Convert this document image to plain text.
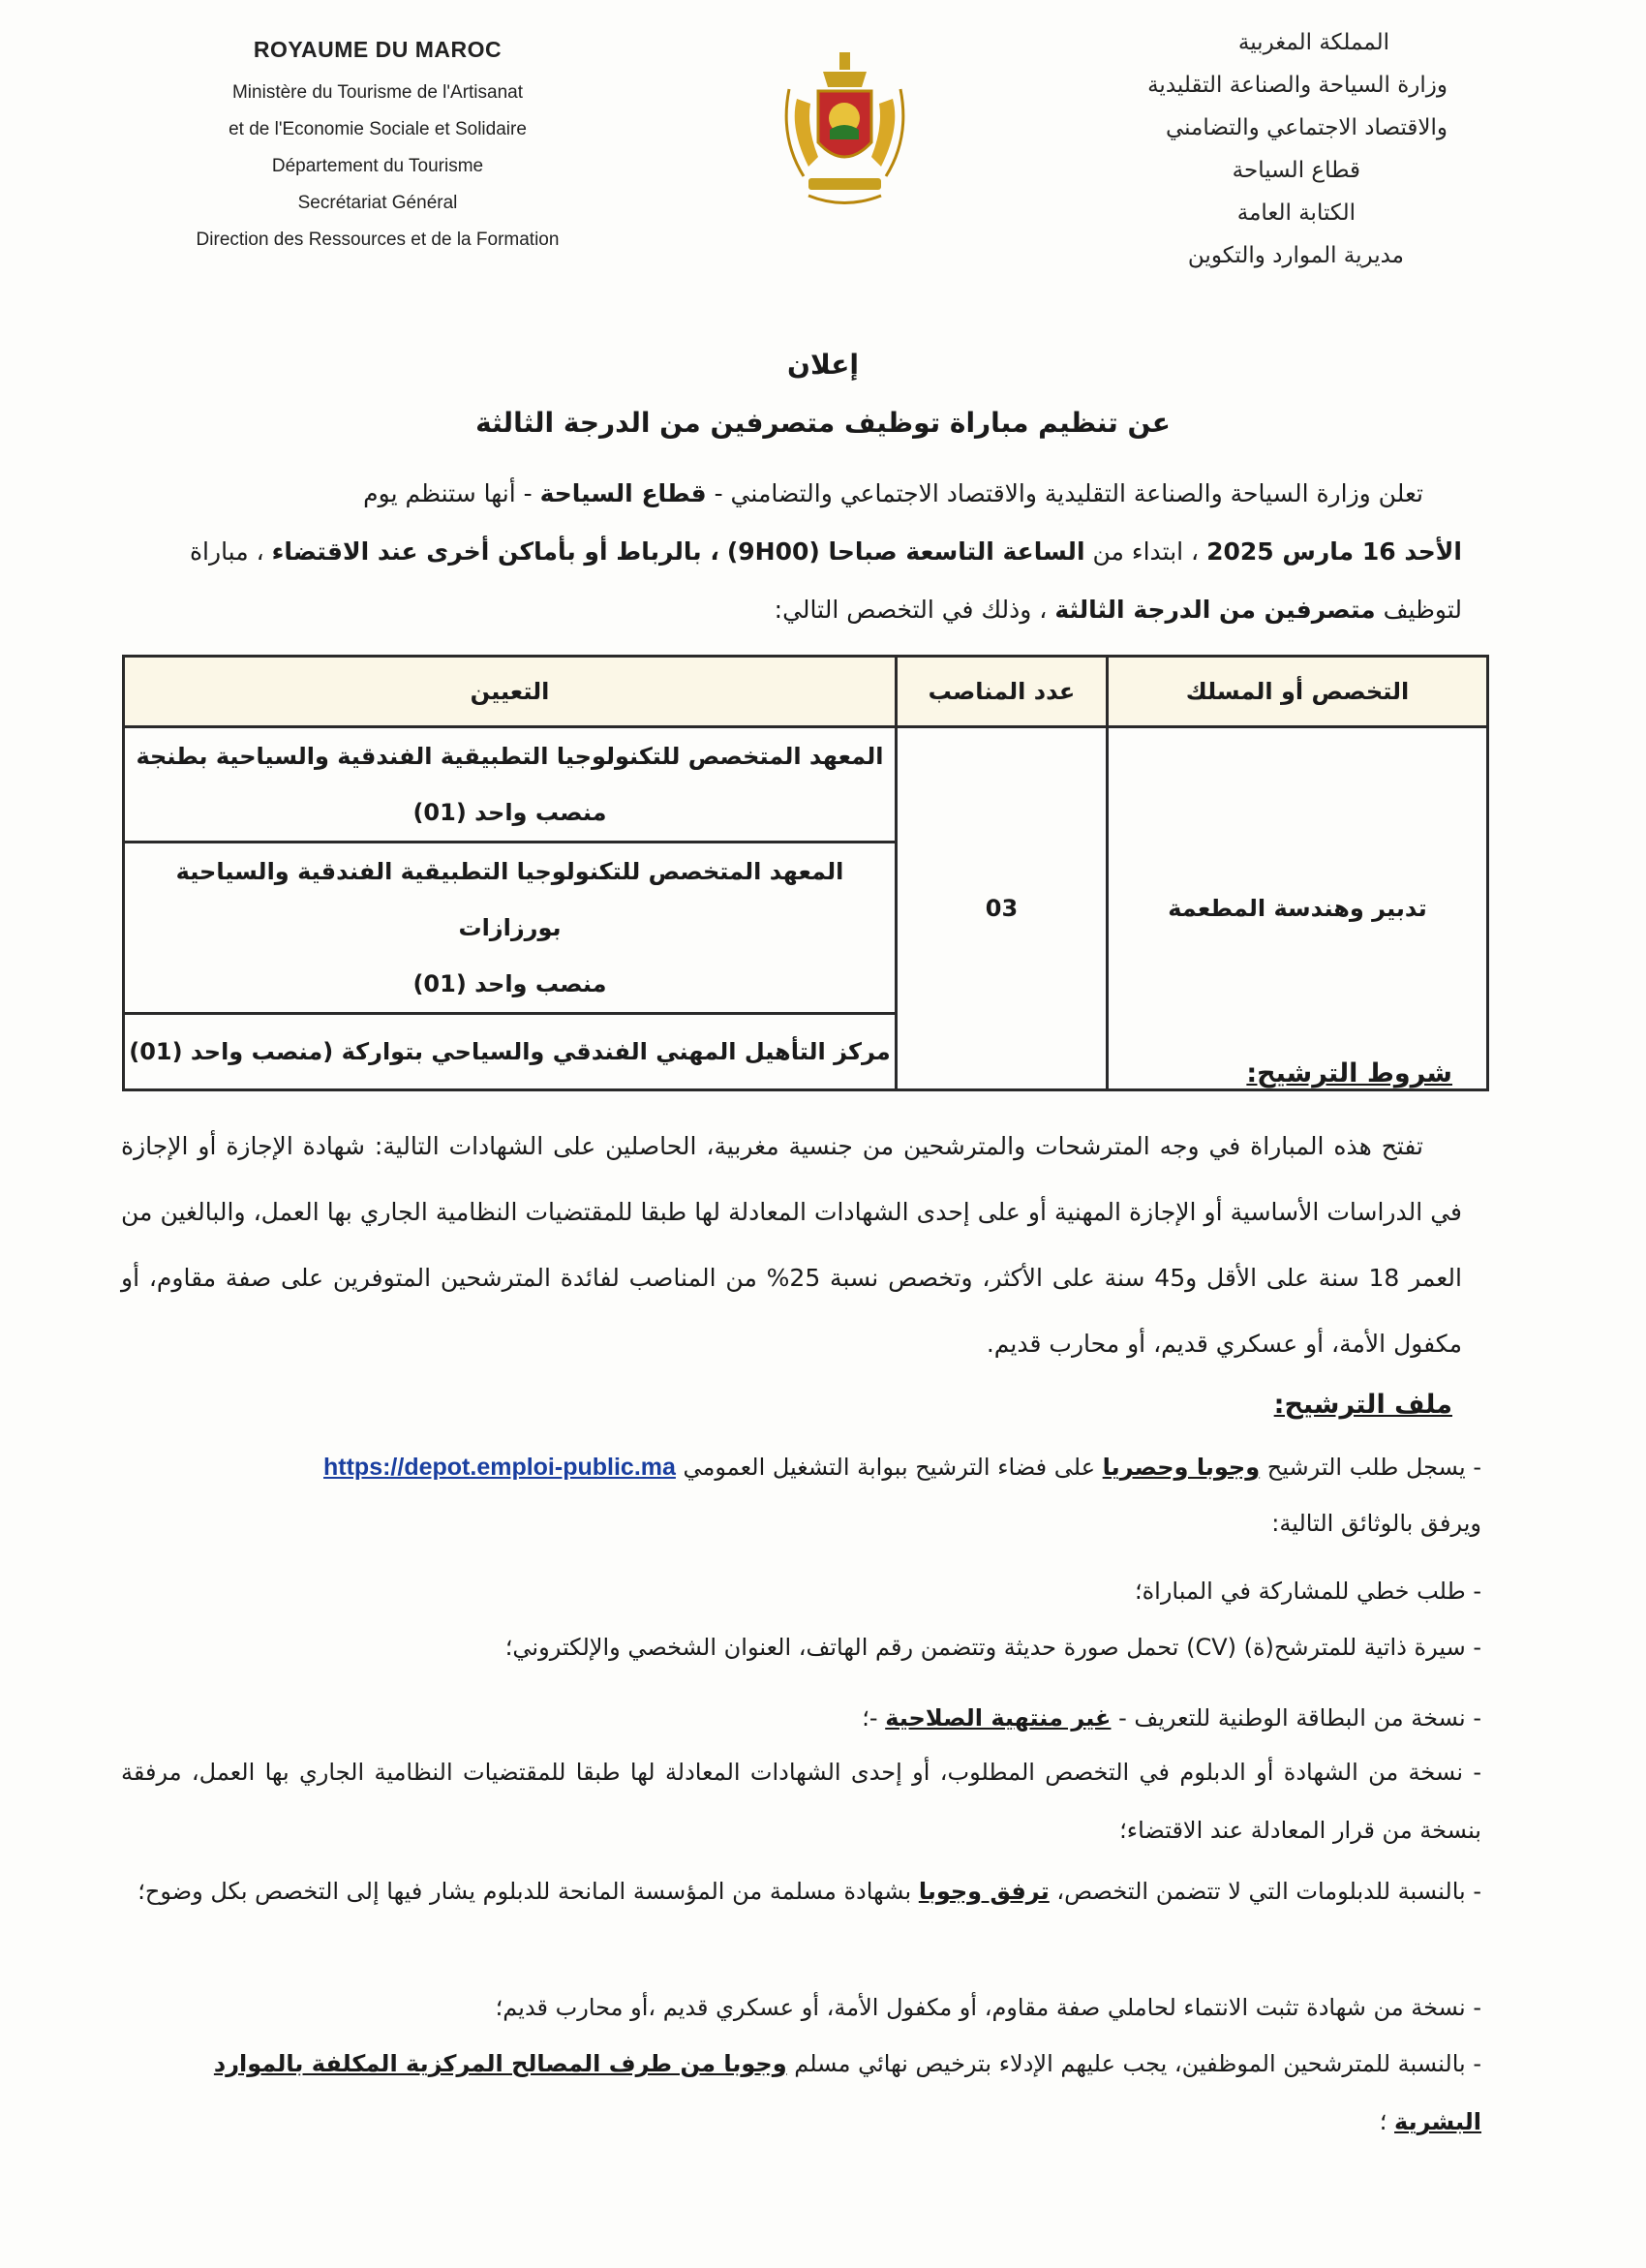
ROYAUME DU MAROC
Ministère du Tourisme de l'Artisanat
et de l'Economie Sociale et Solidaire
Département du Tourisme
Secrétariat Général
Direction des Ressources et de la Formation
المملكة المغربية
وزارة السياحة والصناعة التقليدية
والاقتصاد الاجتماعي والتضامني
قطاع السياحة
الكتابة العامة
مديرية الموارد والتكوين
إعلان
عن تنظيم مباراة توظيف متصرفين من الدرجة الثالثة
تعلن وزارة السياحة والصناعة التقليدية والاقتصاد الاجتماعي والتضامني - قطاع السياحة - أنها ستنظم يوم
الأحد 16 مارس 2025 ، ابتداء من الساعة التاسعة صباحا (9H00) ، بالرباط أو بأماكن أخرى عند الاقتضاء ، مباراة
لتوظيف متصرفين من الدرجة الثالثة ، وذلك في التخصص التالي:
التخصص أو المسلك	عدد المناصب	التعيين
تدبير وهندسة المطعمة	03	المعهد المتخصص للتكنولوجيا التطبيقية الفندقية والسياحية بطنجة
منصب واحد (01)

		المعهد المتخصص للتكنولوجيا التطبيقية الفندقية والسياحية بورزازات
منصب واحد (01)

		مركز التأهيل المهني الفندقي والسياحي بتواركة (منصب واحد (01)
شروط الترشيح:
تفتح هذه المباراة في وجه المترشحات والمترشحين من جنسية مغربية، الحاصلين على الشهادات التالية: شهادة الإجازة أو الإجازة في الدراسات الأساسية أو الإجازة المهنية أو على إحدى الشهادات المعادلة لها طبقا للمقتضيات النظامية الجاري بها العمل، والبالغين من العمر 18 سنة على الأقل و45 سنة على الأكثر، وتخصص نسبة 25% من المناصب لفائدة المترشحين المتوفرين على صفة مقاوم، أو مكفول الأمة، أو عسكري قديم، أو محارب قديم.
ملف الترشيح:
- يسجل طلب الترشيح وجوبا وحصريا على فضاء الترشيح ببوابة التشغيل العمومي https://depot.emploi-public.ma
ويرفق بالوثائق التالية:
- طلب خطي للمشاركة في المباراة؛
- سيرة ذاتية للمترشح(ة) (CV) تحمل صورة حديثة وتتضمن رقم الهاتف، العنوان الشخصي والإلكتروني؛
- نسخة من البطاقة الوطنية للتعريف - غير منتهية الصلاحية -؛
- نسخة من الشهادة أو الدبلوم في التخصص المطلوب، أو إحدى الشهادات المعادلة لها طبقا للمقتضيات النظامية الجاري بها العمل، مرفقة بنسخة من قرار المعادلة عند الاقتضاء؛
- بالنسبة للدبلومات التي لا تتضمن التخصص، ترفق وجوبا بشهادة مسلمة من المؤسسة المانحة للدبلوم يشار فيها إلى التخصص بكل وضوح؛
- نسخة من شهادة تثبت الانتماء لحاملي صفة مقاوم، أو مكفول الأمة، أو عسكري قديم ،أو محارب قديم؛
- بالنسبة للمترشحين الموظفين، يجب عليهم الإدلاء بترخيص نهائي مسلم وجوبا من طرف المصالح المركزية المكلفة بالموارد البشرية ؛
